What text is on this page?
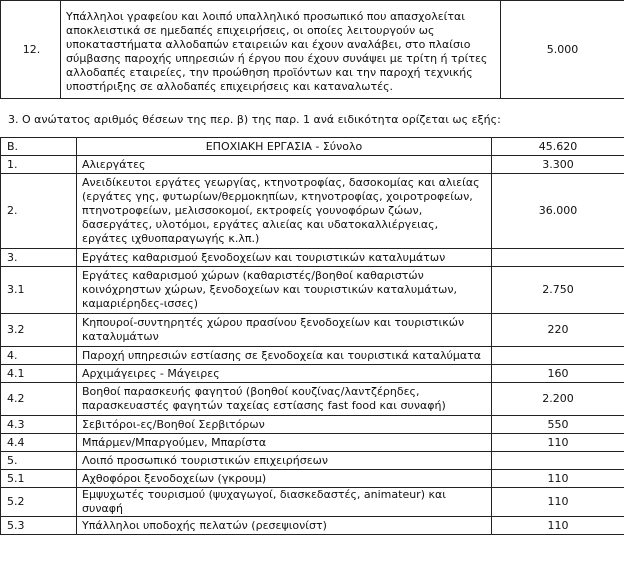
12.	Υπάλληλοι γραφείου και λοιπό υπαλληλικό προσωπικό που απασχολείται αποκλειστικά σε ημεδαπές επιχειρήσεις, οι οποίες λειτουργούν ως υποκαταστήματα αλλοδαπών εταιρειών και έχουν αναλάβει, στο πλαίσιο σύμβασης παροχής υπηρεσιών ή έργου που έχουν συνάψει με τρίτη ή τρίτες αλλοδαπές εταιρείες, την προώθηση προϊόντων και την παροχή τεχνικής υποστήριξης σε αλλοδαπές επιχειρήσεις και καταναλωτές.	5.000
3. Ο ανώτατος αριθμός θέσεων της περ. β) της παρ. 1 ανά ειδικότητα ορίζεται ως εξής:
B.	ΕΠΟΧΙΑΚΗ ΕΡΓΑΣΙΑ - Σύνολο	45.620
1.	Αλιεργάτες	3.300
2.	Ανειδίκευτοι εργάτες γεωργίας, κτηνοτροφίας, δασοκομίας και αλιείας (εργάτες γης, φυτωρίων/θερμοκηπίων, κτηνοτροφίας, χοιροτροφείων, πτηνοτροφείων, μελισσοκομοί, εκτροφείς γουνοφόρων ζώων, δασεργάτες, υλοτόμοι, εργάτες αλιείας και υδατοκαλλιέργειας, εργάτες ιχθυοπαραγωγής κ.λπ.)	36.000
3.	Εργάτες καθαρισμού ξενοδοχείων και τουριστικών καταλυμάτων	
3.1	Εργάτες καθαρισμού χώρων (καθαριστές/βοηθοί καθαριστών κοινόχρηστων χώρων, ξενοδοχείων και τουριστικών καταλυμάτων, καμαριέρηδες-ισσες)	2.750
3.2	Κηπουροί-συντηρητές χώρου πρασίνου ξενοδοχείων και τουριστικών καταλυμάτων	220
4.	Παροχή υπηρεσιών εστίασης σε ξενοδοχεία και τουριστικά καταλύματα	
4.1	Αρχιμάγειρες - Μάγειρες	160
4.2	Βοηθοί παρασκευής φαγητού (βοηθοί κουζίνας/λαντζέρηδες, παρασκευαστές φαγητών ταχείας εστίασης fast food και συναφή)	2.200
4.3	Σεβιτόροι-ες/Βοηθοί Σερβιτόρων	550
4.4	Μπάρμεν/Μπαργούμεν, Μπαρίστα	110
5.	Λοιπό προσωπικό τουριστικών επιχειρήσεων	
5.1	Αχθοφόροι ξενοδοχείων (γκρουμ)	110
5.2	Εμψυχωτές τουρισμού (ψυχαγωγοί, διασκεδαστές, animateur) και συναφή	110
5.3	Υπάλληλοι υποδοχής πελατών (ρεσεψιονίστ)	110
